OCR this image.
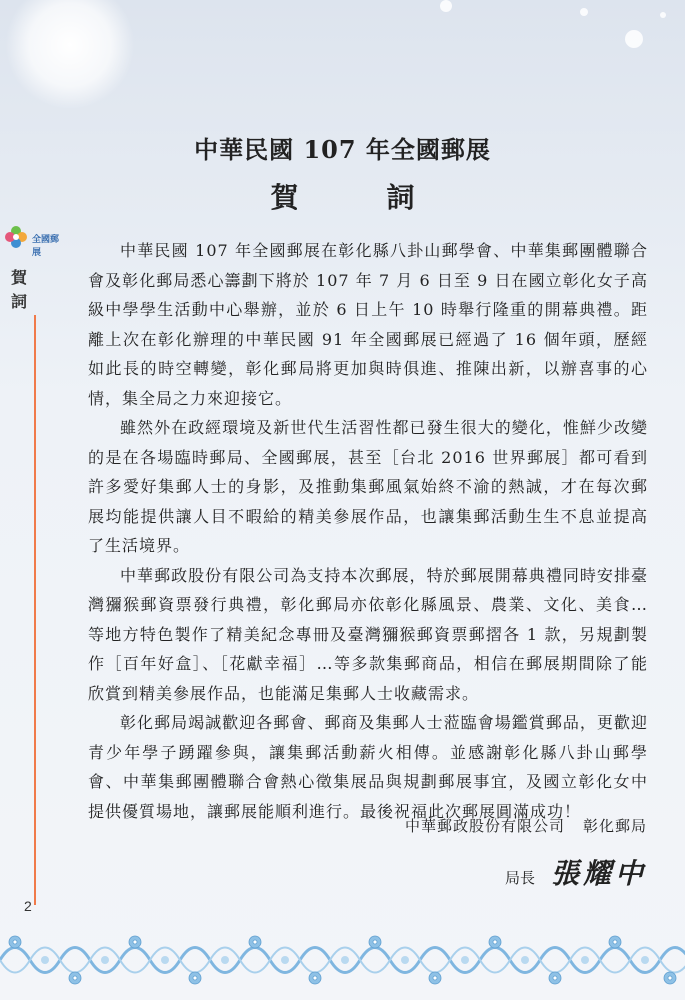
全國郵展
賀詞
中華民國 107 年全國郵展
賀　詞

中華民國 107 年全國郵展在彰化縣八卦山郵學會、中華集郵團體聯合會及彰化郵局悉心籌劃下將於 107 年 7 月 6 日至 9 日在國立彰化女子高級中學學生活動中心舉辦，並於 6 日上午 10 時舉行隆重的開幕典禮。距離上次在彰化辦理的中華民國 91 年全國郵展已經過了 16 個年頭，歷經如此長的時空轉變，彰化郵局將更加與時俱進、推陳出新，以辦喜事的心情，集全局之力來迎接它。

雖然外在政經環境及新世代生活習性都已發生很大的變化，惟鮮少改變的是在各場臨時郵局、全國郵展，甚至［台北 2016 世界郵展］都可看到許多愛好集郵人士的身影，及推動集郵風氣始終不渝的熱誠，才在每次郵展均能提供讓人目不暇給的精美參展作品，也讓集郵活動生生不息並提高了生活境界。

中華郵政股份有限公司為支持本次郵展，特於郵展開幕典禮同時安排臺灣獼猴郵資票發行典禮，彰化郵局亦依彰化縣風景、農業、文化、美食…等地方特色製作了精美紀念專冊及臺灣獼猴郵資票郵摺各 1 款，另規劃製作［百年好盒］、［花獻幸福］…等多款集郵商品，相信在郵展期間除了能欣賞到精美參展作品，也能滿足集郵人士收藏需求。

彰化郵局竭誠歡迎各郵會、郵商及集郵人士蒞臨會場鑑賞郵品，更歡迎青少年學子踴躍參與，讓集郵活動薪火相傳。並感謝彰化縣八卦山郵學會、中華集郵團體聯合會熱心徵集展品與規劃郵展事宜，及國立彰化女中提供優質場地，讓郵展能順利進行。最後祝福此次郵展圓滿成功！

中華郵政股份有限公司 彰化郵局
局長 張耀中
2
